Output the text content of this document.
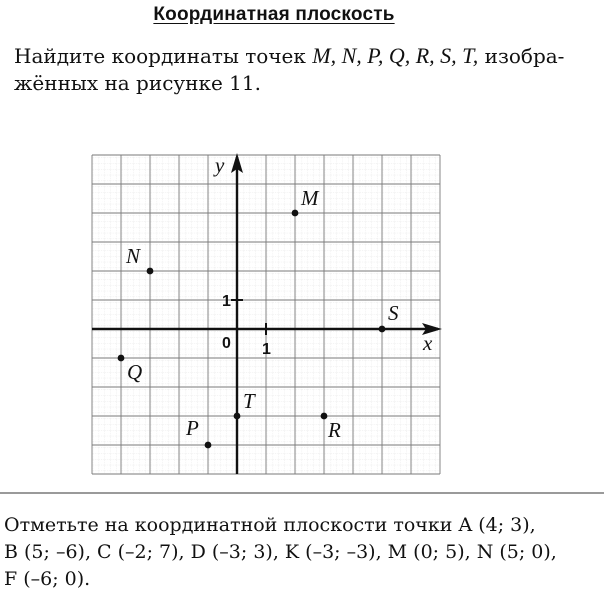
Координатная плоскость
Найдите координаты точек M, N, P, Q, R, S, T, изобра-
жённых на рисунке 11.
M
N
P
Q
R
S
T
x
y
0 1
1
Отметьте на координатной плоскости точки A (4; 3),
B (5; –6), C (–2; 7), D (–3; 3), K (–3; –3), M (0; 5), N (5; 0),
F (–6; 0).
